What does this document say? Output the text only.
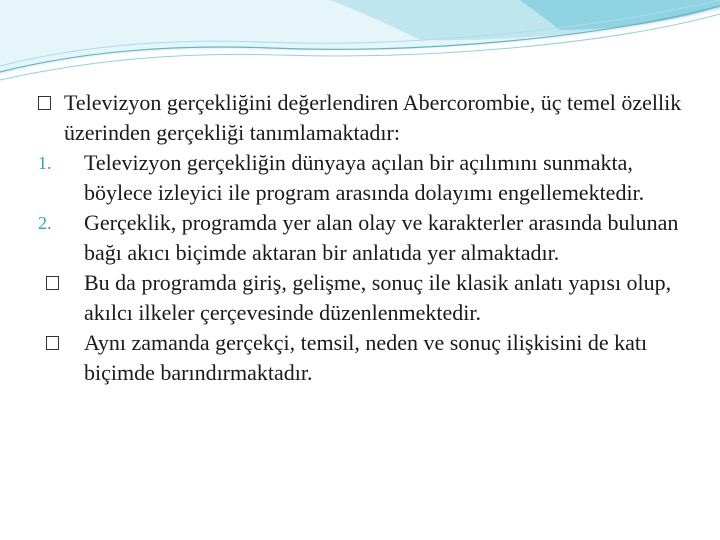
Televizyon gerçekliğini değerlendiren Abercorombie, üç temel özellik üzerinden gerçekliği tanımlamaktadır:
1.	Televizyon gerçekliğin dünyaya açılan bir açılımını sunmakta, böylece izleyici ile program arasında dolayımı engellemektedir.
2.	Gerçeklik, programda yer alan olay ve karakterler arasında bulunan bağı akıcı biçimde aktaran bir anlatıda yer almaktadır.
Bu da programda giriş, gelişme, sonuç ile klasik anlatı yapısı olup, akılcı ilkeler çerçevesinde düzenlenmektedir.
Aynı zamanda gerçekçi, temsil, neden ve sonuç ilişkisini de katı biçimde barındırmaktadır.
